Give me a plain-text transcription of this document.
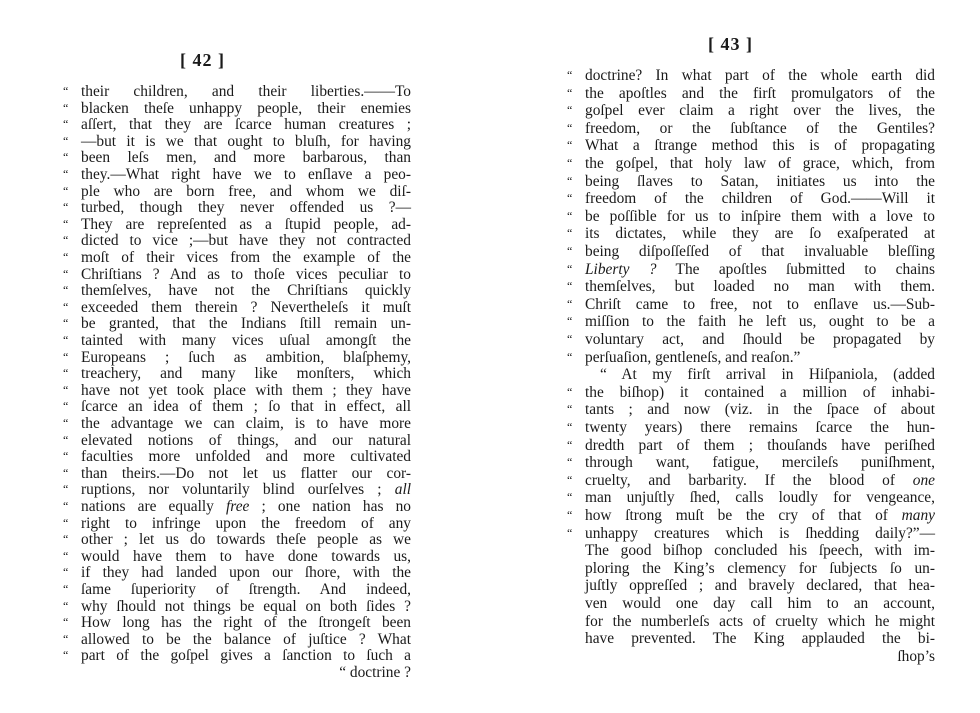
[ 42 ]
“ their children, and their liberties.——To
“ blacken theſe unhappy people, their enemies
“ aſſert, that they are ſcarce human creatures ;
“ —but it is we that ought to bluſh, for having
“ been leſs men, and more barbarous, than
“ they.—What right have we to enſlave a peo-
“ ple who are born free, and whom we diſ-
“ turbed, though they never offended us ?—
“ They are repreſented as a ſtupid people, ad-
“ dicted to vice ;—but have they not contracted
“ moſt of their vices from the example of the
“ Chriſtians ? And as to thoſe vices peculiar to
“ themſelves, have not the Chriſtians quickly
“ exceeded them therein ? Neverthelеſs it muſt
“ be granted, that the Indians ſtill remain un-
“ tainted with many vices uſual amongſt the
“ Europeans ; ſuch as ambition, blaſphemy,
“ treachery, and many like monſters, which
“ have not yet took place with them ; they have
“ ſcarce an idea of them ; ſo that in effect, all
“ the advantage we can claim, is to have more
“ elevated notions of things, and our natural
“ faculties more unfolded and more cultivated
“ than theirs.—Do not let us flatter our cor-
“ ruptions, nor voluntarily blind ourſelves ; all
“ nations are equally free ; one nation has no
“ right to infringe upon the freedom of any
“ other ; let us do towards theſe people as we
“ would have them to have done towards us,
“ if they had landed upon our ſhore, with the
“ ſame ſuperiority of ſtrength. And indeed,
“ why ſhould not things be equal on both ſides ?
“ How long has the right of the ſtrongeſt been
“ allowed to be the balance of juſtice ? What
“ part of the goſpel gives a ſanction to ſuch a
“ doctrine ?
[ 43 ]
“ doctrine? In what part of the whole earth did
“ the apoſtles and the firſt promulgators of the
“ goſpel ever claim a right over the lives, the
“ freedom, or the ſubſtance of the Gentiles?
“ What a ſtrange method this is of propagating
“ the goſpel, that holy law of grace, which, from
“ being ſlaves to Satan, initiates us into the
“ freedom of the children of God.——Will it
“ be poſſible for us to inſpire them with a love to
“ its dictates, while they are ſo exaſperated at
“ being diſpoſſeſſed of that invaluable bleſſing
“ Liberty ? The apoſtles ſubmitted to chains
“ themſelves, but loaded no man with them.
“ Chriſt came to free, not to enſlave us.—Sub-
“ miſſion to the faith he left us, ought to be a
“ voluntary act, and ſhould be propagated by
“ perſuaſion, gentleneſs, and reaſon.”
“ At my firſt arrival in Hiſpaniola, (added
“ the biſhop) it contained a million of inhabi-
“ tants ; and now (viz. in the ſpace of about
“ twenty years) there remains ſcarce the hun-
“ dredth part of them ; thouſands have periſhed
“ through want, fatigue, mercileſs puniſhment,
“ cruelty, and barbarity. If the blood of one
“ man unjuſtly ſhed, calls loudly for vengeance,
“ how ſtrong muſt be the cry of that of many
“ unhappy creatures which is ſhedding daily?”—
The good biſhop concluded his ſpeech, with im-
ploring the King’s clemency for ſubjects ſo un-
juſtly oppreſſed ; and bravely declared, that hea-
ven would one day call him to an account,
for the numberleſs acts of cruelty which he might
have prevented. The King applauded the bi-
ſhop’s
